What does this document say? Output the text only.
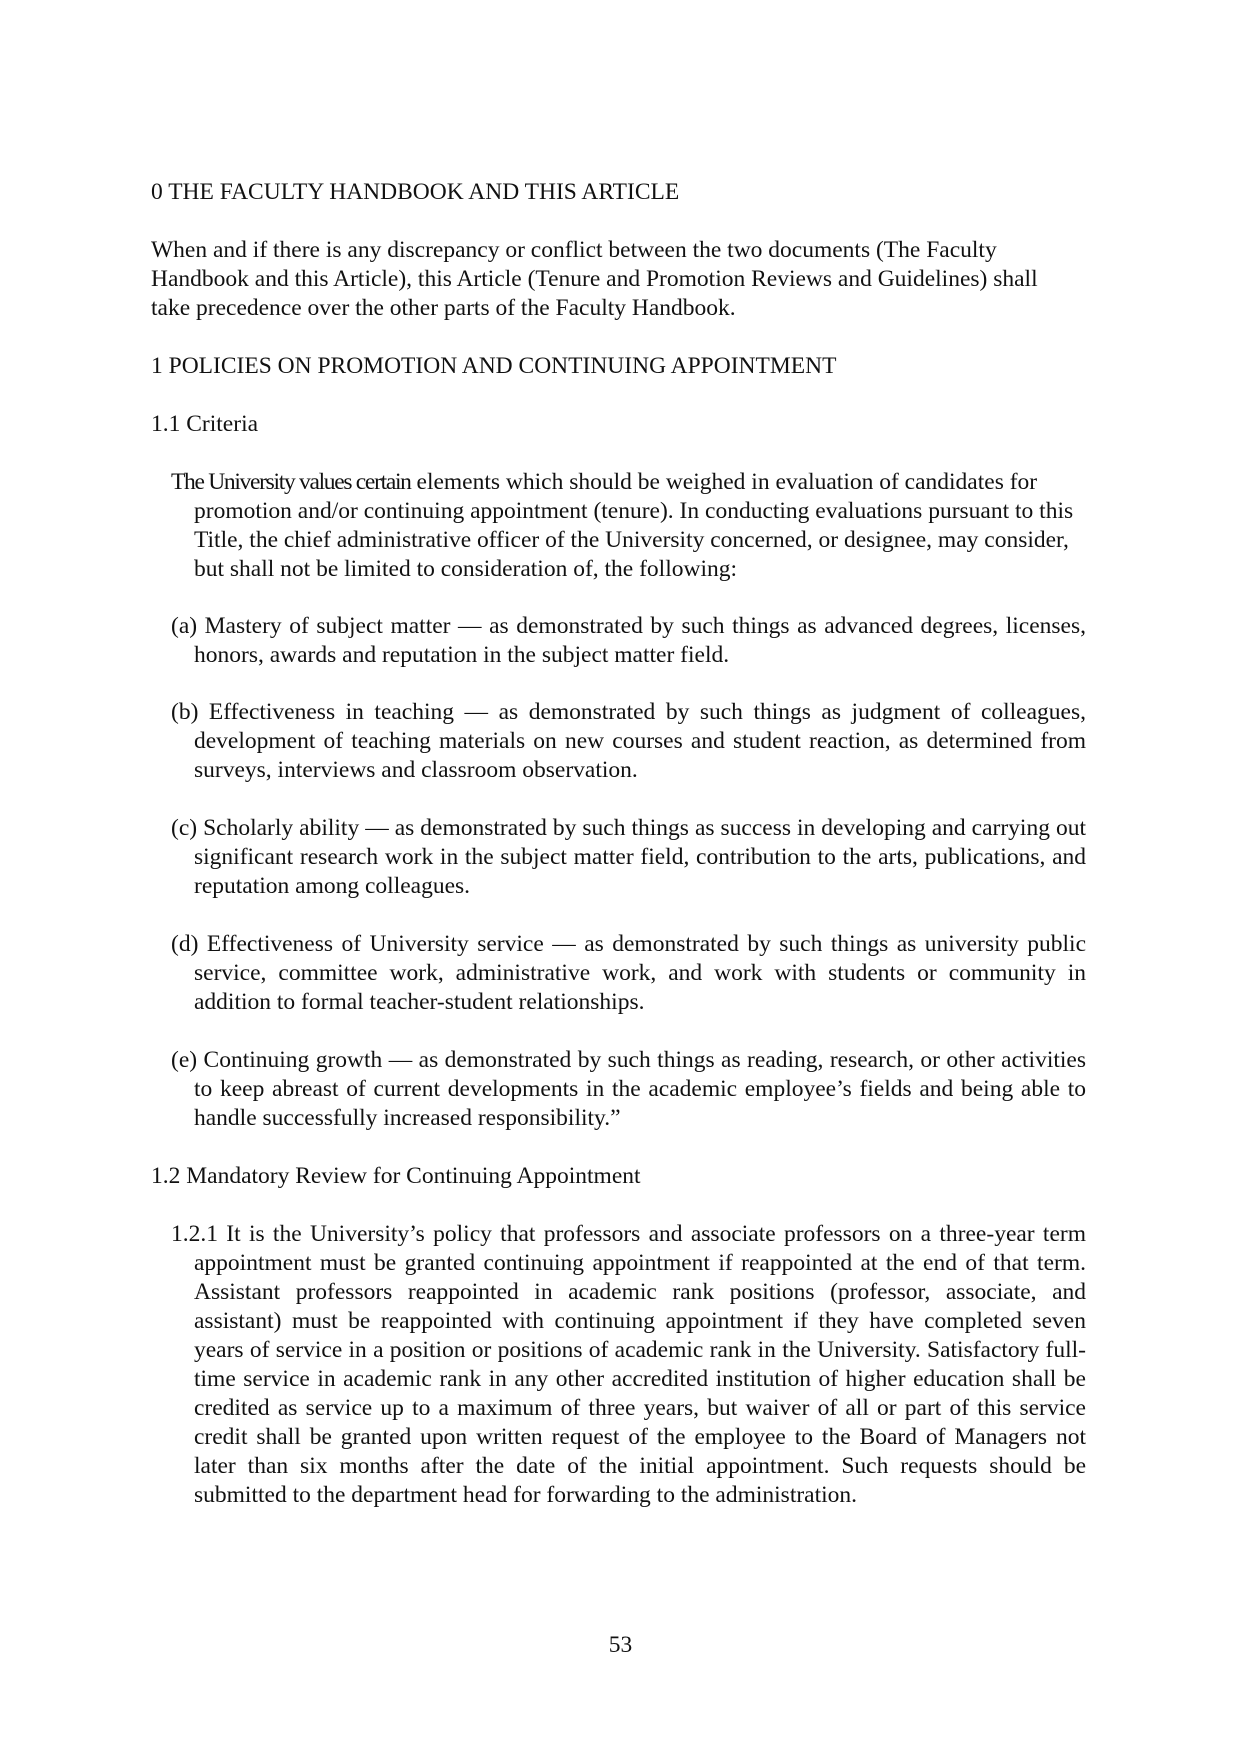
0 THE FACULTY HANDBOOK AND THIS ARTICLE

When and if there is any discrepancy or conflict between the two documents (The Faculty Handbook and this Article), this Article (Tenure and Promotion Reviews and Guidelines) shall take precedence over the other parts of the Faculty Handbook.

1 POLICIES ON PROMOTION AND CONTINUING APPOINTMENT
1.1 Criteria

The University values certain elements which should be weighed in evaluation of candidates for promotion and/or continuing appointment (tenure). In conducting evaluations pursuant to this Title, the chief administrative officer of the University concerned, or designee, may consider, but shall not be limited to consideration of, the following:

(a) Mastery of subject matter — as demonstrated by such things as advanced degrees, licenses, honors, awards and reputation in the subject matter field.

(b) Effectiveness in teaching — as demonstrated by such things as judgment of colleagues, development of teaching materials on new courses and student reaction, as determined from surveys, interviews and classroom observation.

(c) Scholarly ability — as demonstrated by such things as success in developing and carrying out significant research work in the subject matter field, contribution to the arts, publications, and reputation among colleagues.

(d) Effectiveness of University service — as demonstrated by such things as university public service, committee work, administrative work, and work with students or community in addition to formal teacher-student relationships.

(e) Continuing growth — as demonstrated by such things as reading, research, or other activities to keep abreast of current developments in the academic employee’s fields and being able to handle successfully increased responsibility.”

1.2 Mandatory Review for Continuing Appointment

1.2.1 It is the University’s policy that professors and associate professors on a three-year term appointment must be granted continuing appointment if reappointed at the end of that term. Assistant professors reappointed in academic rank positions (professor, associate, and assistant) must be reappointed with continuing appointment if they have completed seven years of service in a position or positions of academic rank in the University. Satisfactory full-time service in academic rank in any other accredited institution of higher education shall be credited as service up to a maximum of three years, but waiver of all or part of this service credit shall be granted upon written request of the employee to the Board of Managers not later than six months after the date of the initial appointment. Such requests should be submitted to the department head for forwarding to the administration.

53
